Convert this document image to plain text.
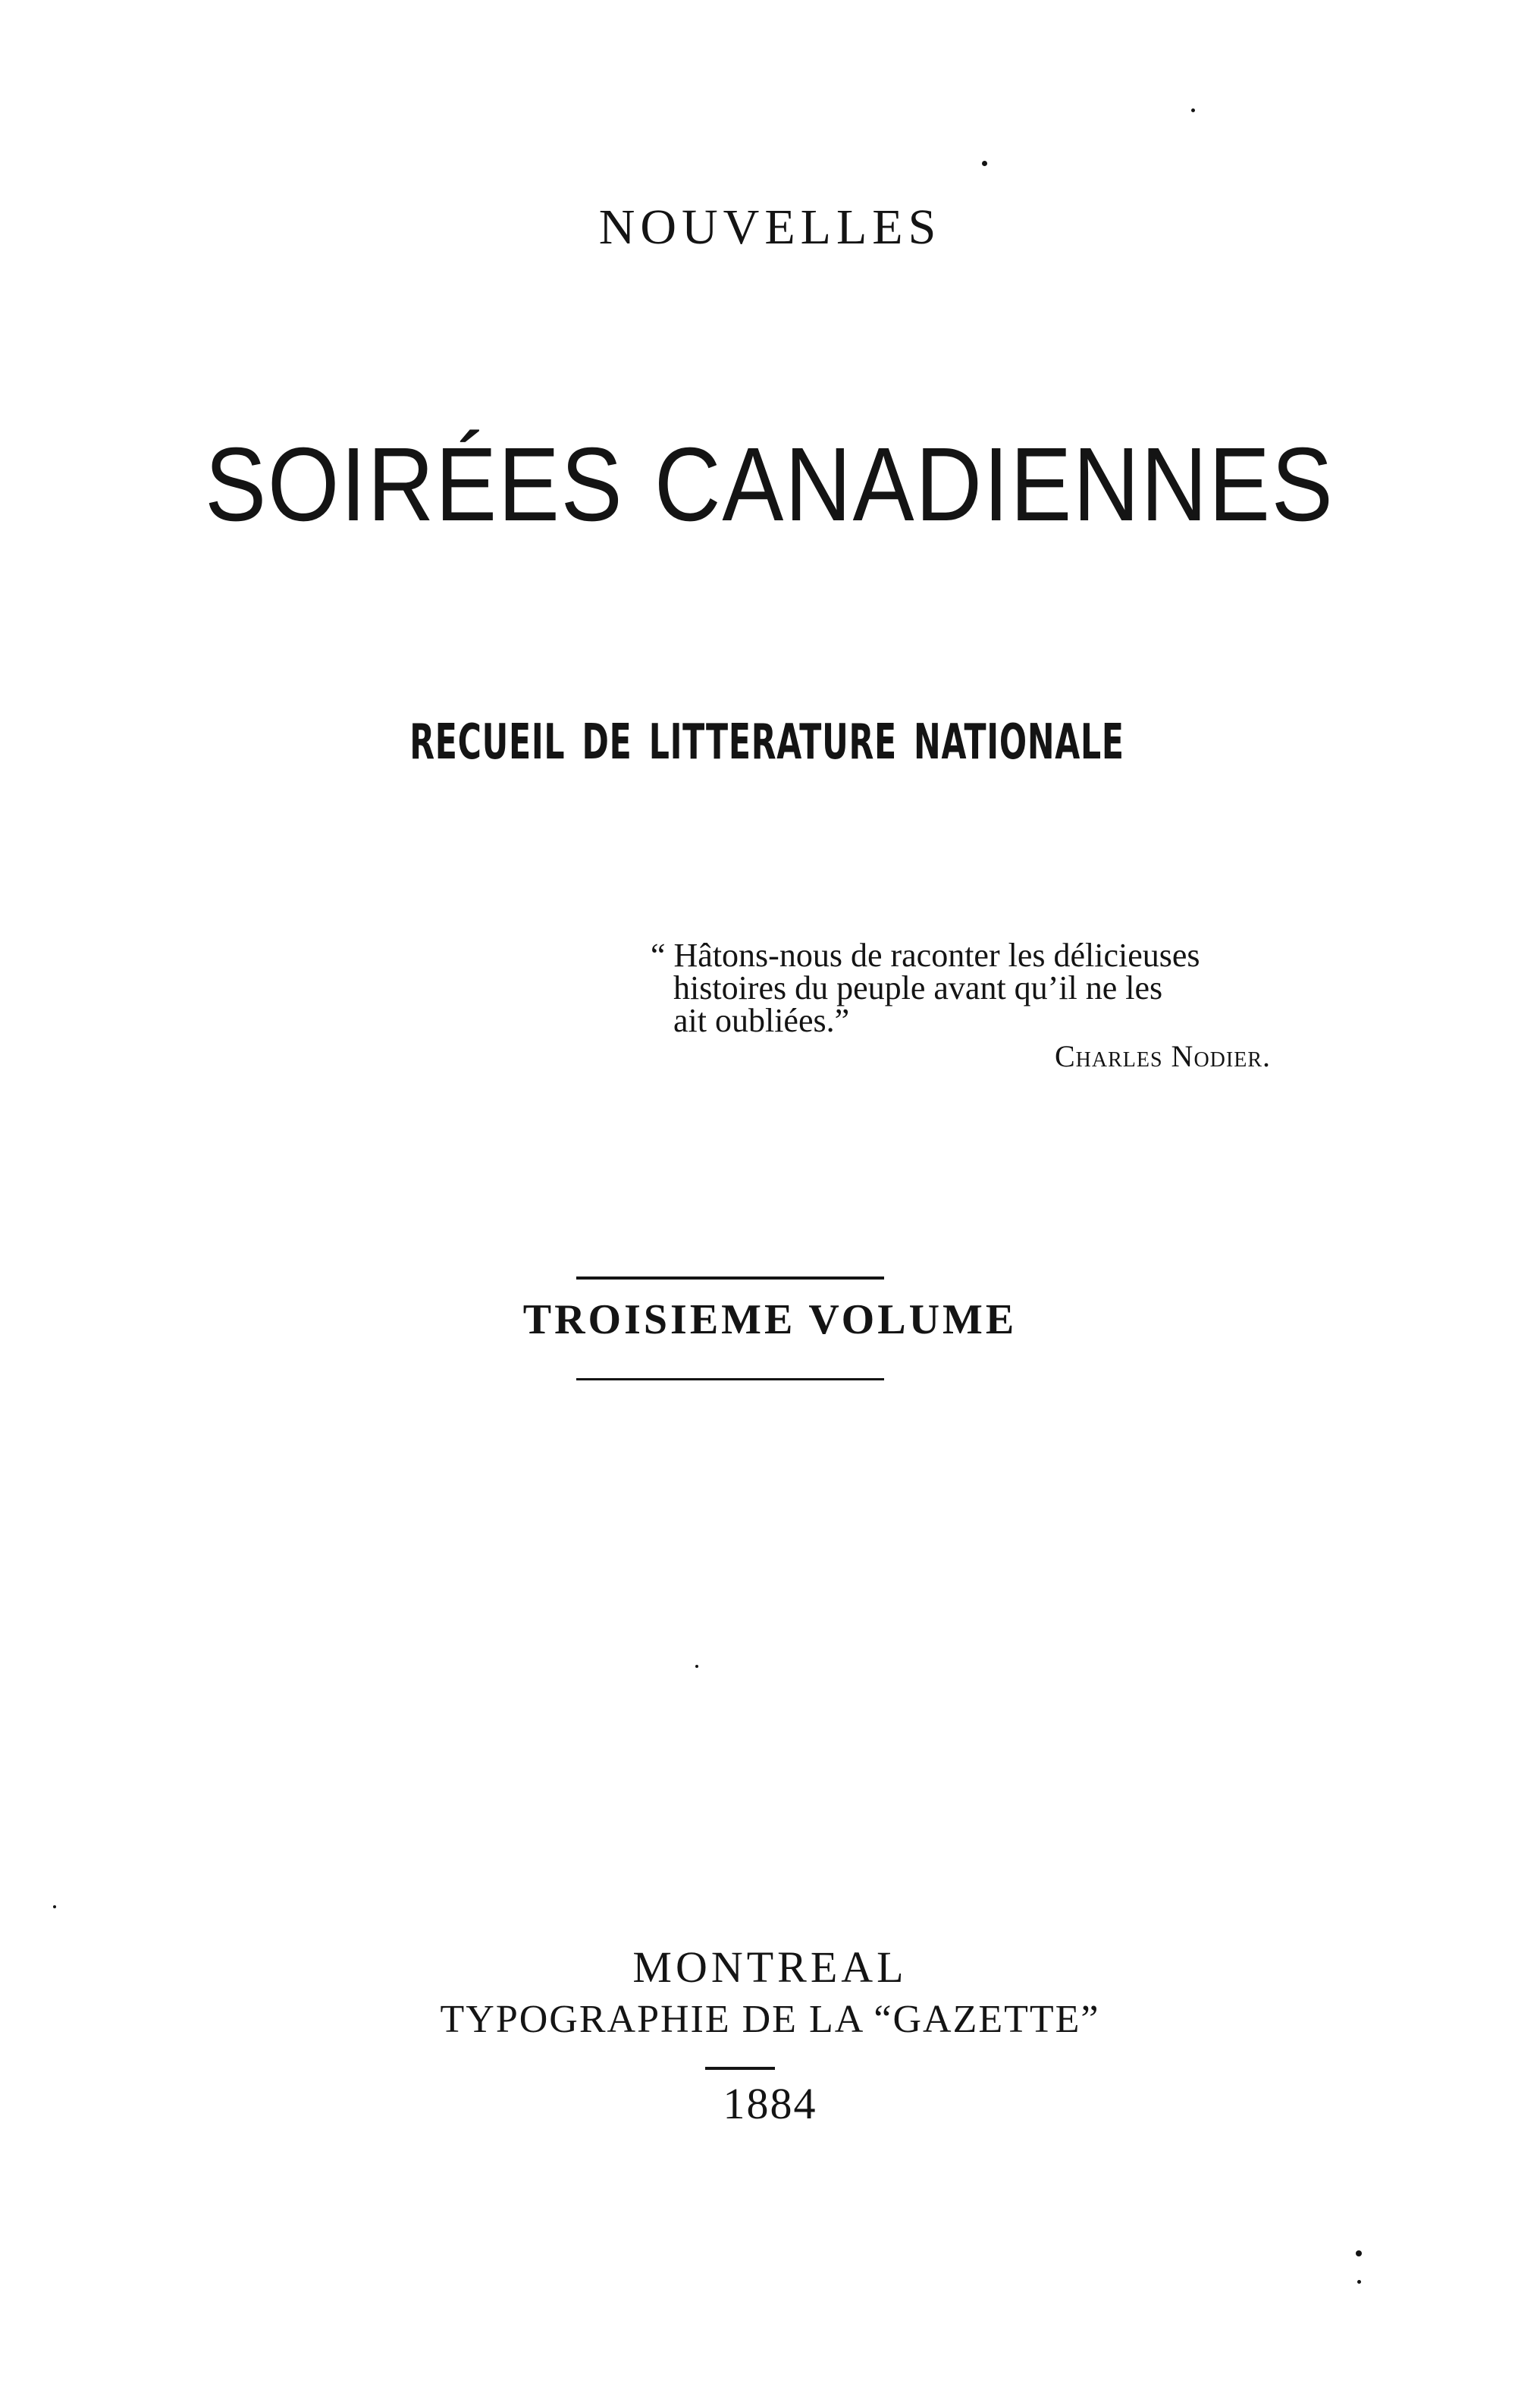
NOUVELLES
SOIRÉES CANADIENNES
RECUEIL DE LITTERATURE NATIONALE
“ Hâtons-nous de raconter les délicieuses
histoires du peuple avant qu’il ne les
ait oubliées.”
Charles Nodier.
TROISIEME VOLUME
MONTREAL
TYPOGRAPHIE DE LA “GAZETTE”
1884
